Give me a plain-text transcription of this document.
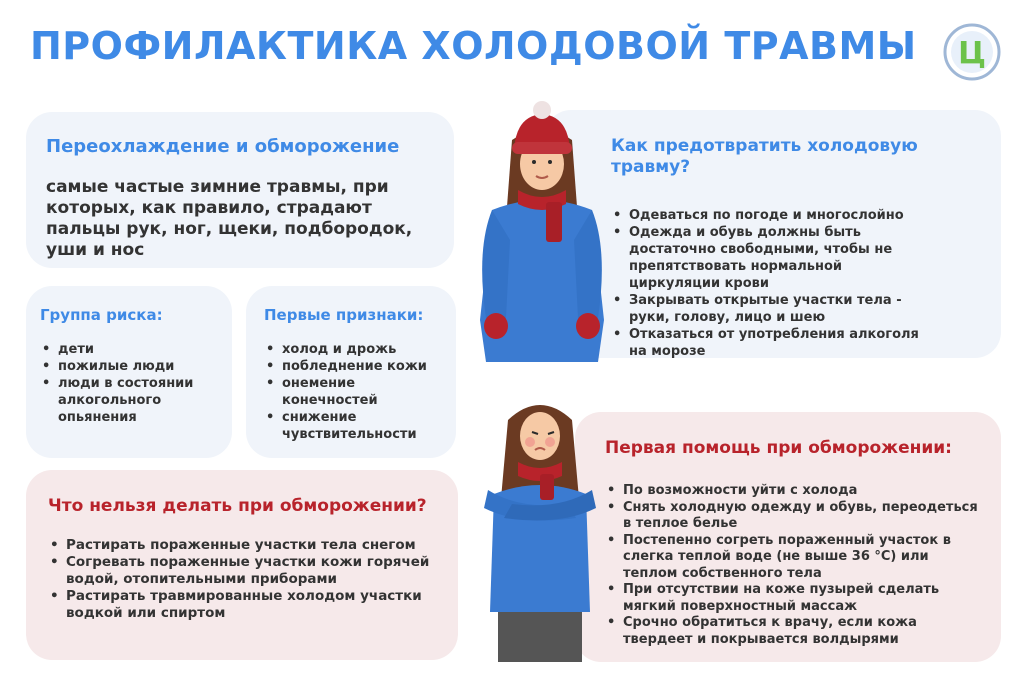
ПРОФИЛАКТИКА ХОЛОДОВОЙ ТРАВМЫ Ц
Переохлаждение и обморожение

самые частые зимние травмы, при которых, как правило, страдают пальцы рук, ног, щеки, подбородок, уши и нос

Группа риска:
• дети
• пожилые люди
• люди в состоянии алкогольного опьянения
Первые признаки:
• холод и дрожь
• побледнение кожи
• онемение конечностей
• снижение чувствительности
Что нельзя делать при обморожении?
• Растирать пораженные участки тела снегом
• Согревать пораженные участки кожи горячей водой, отопительными приборами
• Растирать травмированные холодом участки водкой или спиртом
Как предотвратить холодовую травму?
• Одеваться по погоде и многослойно
• Одежда и обувь должны быть достаточно свободными, чтобы не препятствовать нормальной циркуляции крови
• Закрывать открытые участки тела - руки, голову, лицо и шею
• Отказаться от употребления алкоголя на морозе
Первая помощь при обморожении:
• По возможности уйти с холода
• Снять холодную одежду и обувь, переодеться в теплое белье
• Постепенно согреть пораженный участок в слегка теплой воде (не выше 36 °С) или теплом собственного тела
• При отсутствии на коже пузырей сделать мягкий поверхностный массаж
• Срочно обратиться к врачу, если кожа твердеет и покрывается волдырями
